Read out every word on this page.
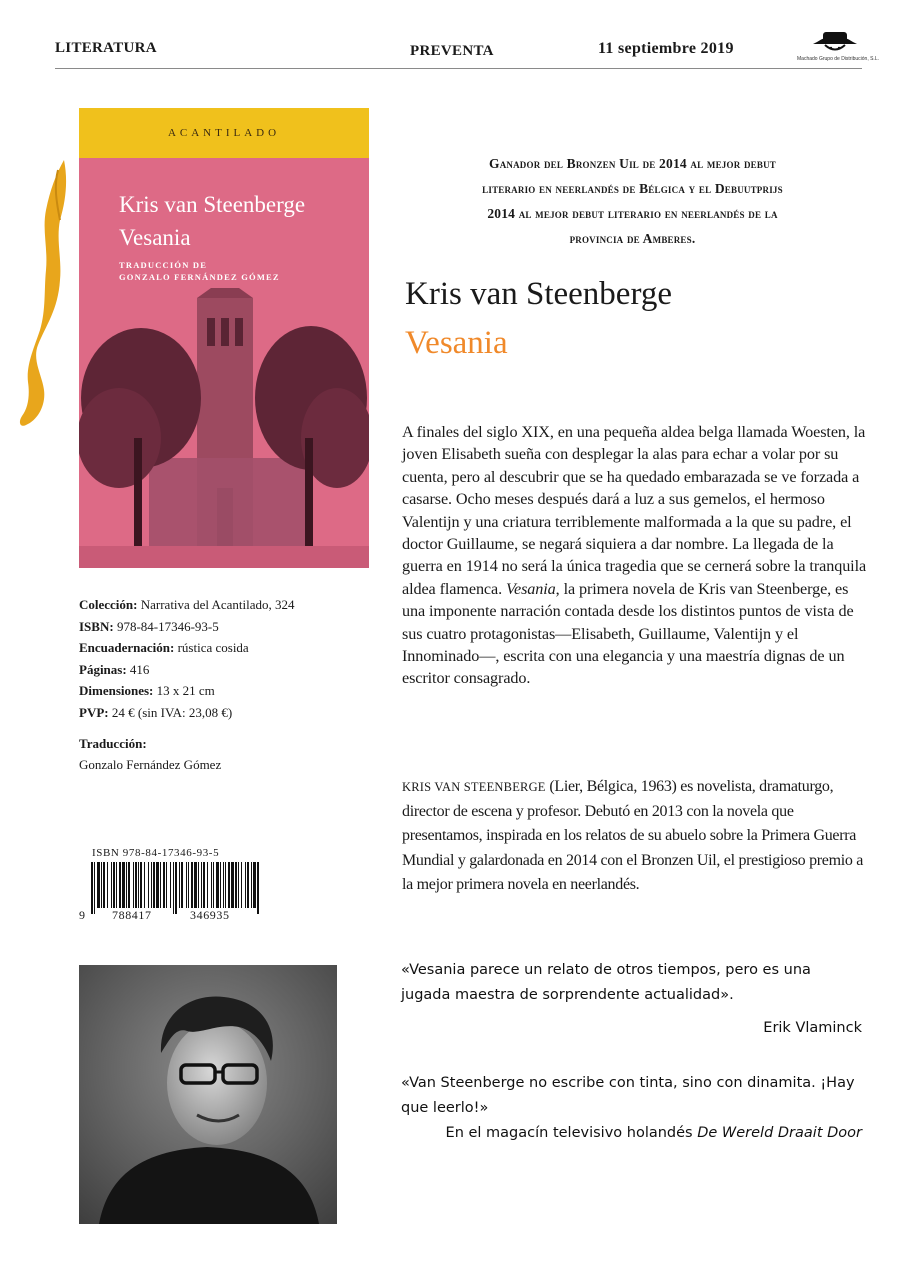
LITERATURA	PREVENTA	11 septiembre 2019
Machado Grupo de Distribución, S.L.
ACANTILADO
Kris van Steenberge
Vesania
TRADUCCIÓN DE
GONZALO FERNÁNDEZ GÓMEZ
Colección: Narrativa del Acantilado, 324
ISBN: 978-84-17346-93-5
Encuadernación: rústica cosida
Páginas: 416
Dimensiones: 13 x 21 cm
PVP: 24 € (sin IVA: 23,08 €)
Traducción:
Gonzalo Fernández Gómez
ISBN 978-84-17346-93-5
9 788417	346935
Ganador del Bronzen Uil de 2014 al mejor debut
literario en neerlandés de Bélgica y el Debuutprijs
2014 al mejor debut literario en neerlandés de la
provincia de Amberes.
Kris van Steenberge
Vesania
A finales del siglo XIX, en una pequeña aldea belga llamada Woesten, la joven Elisabeth sueña con desplegar la alas para echar a volar por su cuenta, pero al descubrir que se ha quedado embarazada se ve forzada a casarse. Ocho meses después dará a luz a sus gemelos, el hermoso Valentijn y una criatura terriblemente malformada a la que su padre, el doctor Guillaume, se negará siquiera a dar nombre. La llegada de la guerra en 1914 no será la única tragedia que se cernerá sobre la tranquila aldea flamenca. Vesania, la primera novela de Kris van Steenberge, es una imponente narración contada desde los distintos puntos de vista de sus cuatro protagonistas—Elisabeth, Guillaume, Valentijn y el Innominado—, escrita con una elegancia y una maestría dignas de un escritor consagrado.
KRIS VAN STEENBERGE (Lier, Bélgica, 1963) es novelista, dramaturgo, director de escena y profesor. Debutó en 2013 con la novela que presentamos, inspirada en los relatos de su abuelo sobre la Primera Guerra Mundial y galardonada en 2014 con el Bronzen Uil, el prestigioso premio a la mejor primera novela en neerlandés.
«Vesania parece un relato de otros tiempos, pero es una jugada maestra de sorprendente actualidad».
Erik Vlaminck
«Van Steenberge no escribe con tinta, sino con dinamita. ¡Hay que leerlo!»
En el magacín televisivo holandés De Wereld Draait Door
